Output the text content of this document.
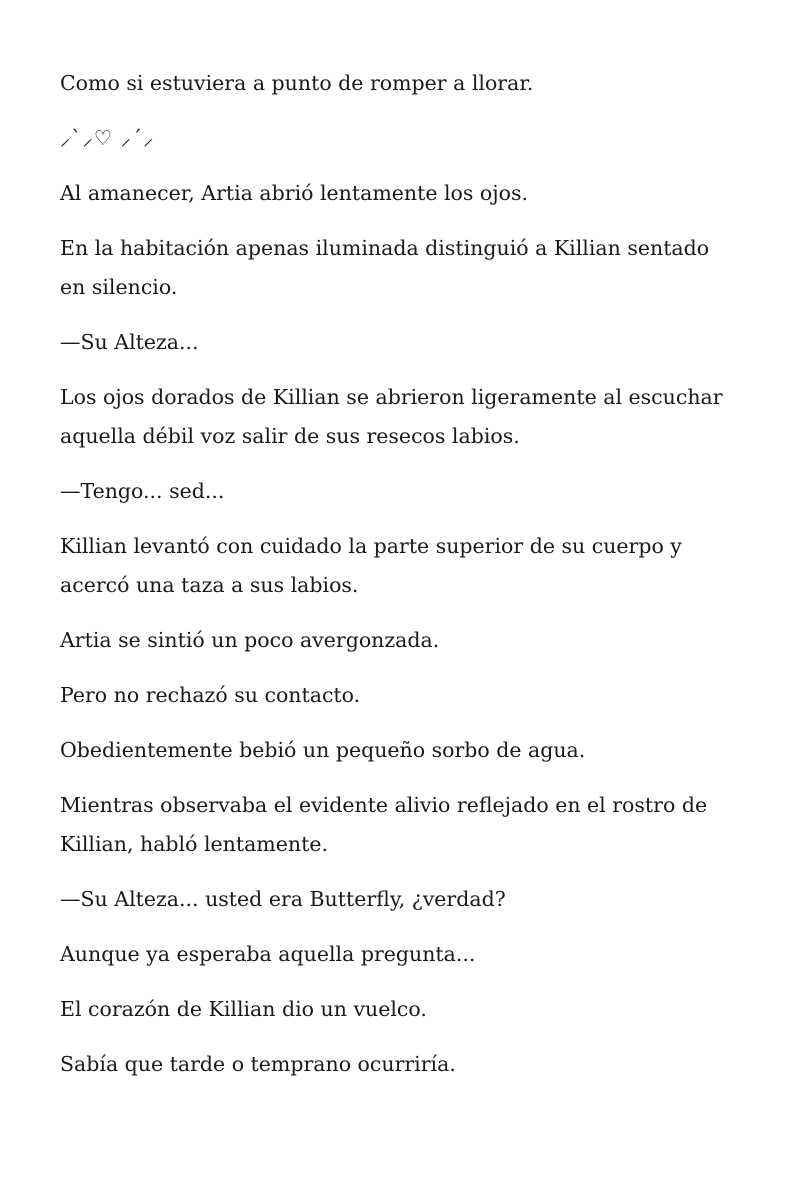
Como si estuviera a punto de romper a llorar.

⸝`⸝♡ ⸝´⸝

Al amanecer, Artia abrió lentamente los ojos.

En la habitación apenas iluminada distinguió a Killian sentado en silencio.

—Su Alteza...

Los ojos dorados de Killian se abrieron ligeramente al escuchar aquella débil voz salir de sus resecos labios.

—Tengo... sed...

Killian levantó con cuidado la parte superior de su cuerpo y acercó una taza a sus labios.

Artia se sintió un poco avergonzada.

Pero no rechazó su contacto.

Obedientemente bebió un pequeño sorbo de agua.

Mientras observaba el evidente alivio reflejado en el rostro de Killian, habló lentamente.

—Su Alteza... usted era Butterfly, ¿verdad?

Aunque ya esperaba aquella pregunta...

El corazón de Killian dio un vuelco.

Sabía que tarde o temprano ocurriría.
